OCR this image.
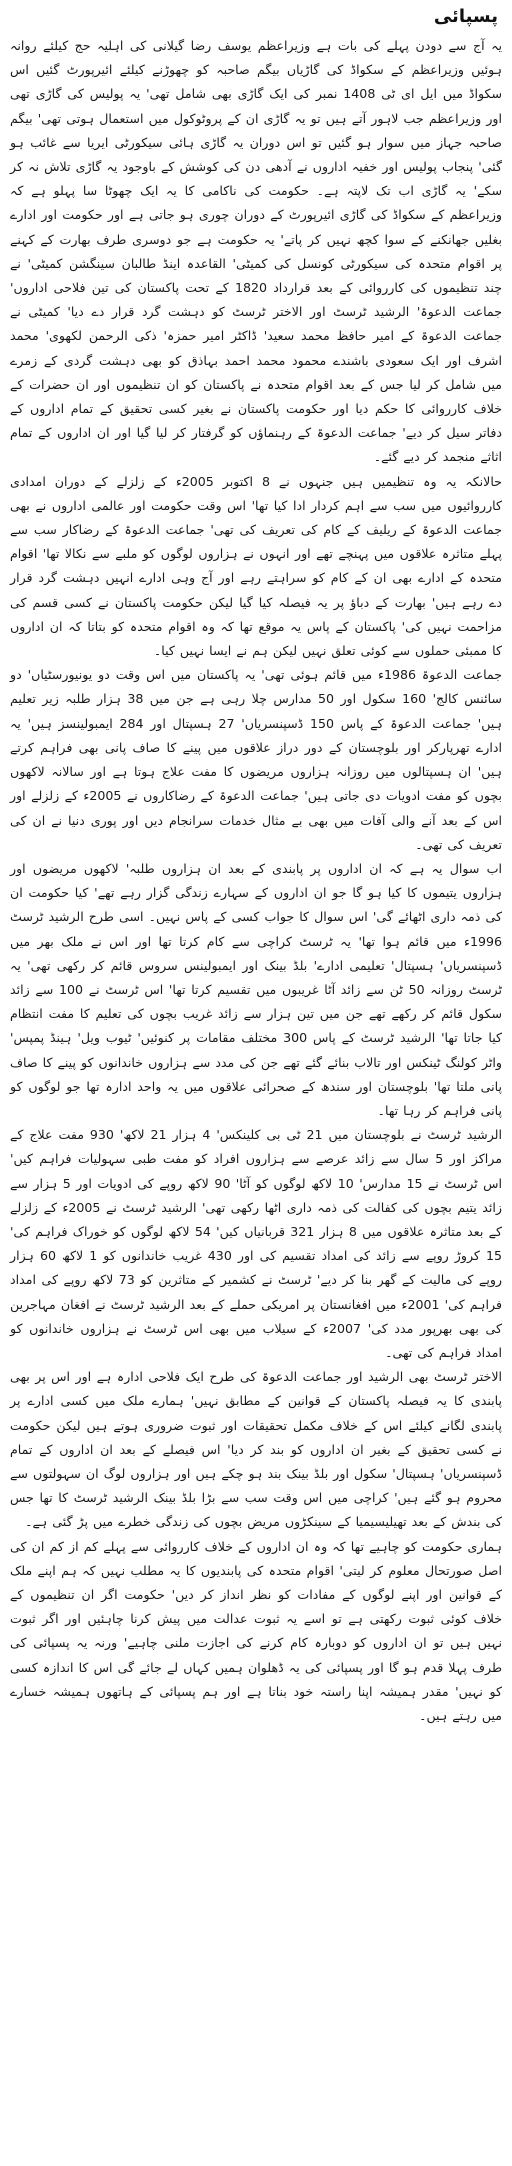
پسپائی

یہ آج سے دودن پہلے کی بات ہے وزیراعظم یوسف رضا گیلانی کی اہلیہ حج کیلئے روانہ ہوئیں وزیراعظم کے سکواڈ کی گاڑیاں بیگم صاحبہ کو چھوڑنے کیلئے ائیرپورٹ گئیں اس سکواڈ میں ایل ای ٹی 1408 نمبر کی ایک گاڑی بھی شامل تھی' یہ پولیس کی گاڑی تھی اور وزیراعظم جب لاہور آتے ہیں تو یہ گاڑی ان کے پروٹوکول میں استعمال ہوتی تھی' بیگم صاحبہ جہاز میں سوار ہو گئیں تو اس دوران یہ گاڑی ہائی سیکورٹی ایریا سے غائب ہو گئی' پنجاب پولیس اور خفیہ اداروں نے آدھی دن کی کوشش کے باوجود یہ گاڑی تلاش نہ کر سکے' یہ گاڑی اب تک لاپتہ ہے۔ حکومت کی ناکامی کا یہ ایک چھوٹا سا پہلو ہے کہ وزیراعظم کے سکواڈ کی گاڑی ائیرپورٹ کے دوران چوری ہو جاتی ہے اور حکومت اور ادارے بغلیں جھانکنے کے سوا کچھ نہیں کر پاتے' یہ حکومت ہے جو دوسری طرف بھارت کے کہنے پر اقوام متحدہ کی سیکورٹی کونسل کی کمیٹی' القاعدہ اینڈ طالبان سینگشن کمیٹی' نے چند تنظیموں کی کارروائی کے بعد قرارداد 1820 کے تحت پاکستان کی تین فلاحی اداروں' جماعت الدعوۃ' الرشید ٹرسٹ اور الاختر ٹرسٹ کو دہشت گرد قرار دے دیا' کمیٹی نے جماعت الدعوۃ کے امیر حافظ محمد سعید' ڈاکٹر امیر حمزہ' ذکی الرحمن لکھوی' محمد اشرف اور ایک سعودی باشندے محمود محمد احمد بہاذق کو بھی دہشت گردی کے زمرے میں شامل کر لیا جس کے بعد اقوام متحدہ نے پاکستان کو ان تنظیموں اور ان حضرات کے خلاف کارروائی کا حکم دیا اور حکومت پاکستان نے بغیر کسی تحقیق کے تمام اداروں کے دفاتر سیل کر دیے' جماعت الدعوۃ کے رہنماؤں کو گرفتار کر لیا گیا اور ان اداروں کے تمام اثاثے منجمد کر دیے گئے۔

حالانکہ یہ وہ تنظیمیں ہیں جنہوں نے 8 اکتوبر 2005ء کے زلزلے کے دوران امدادی کارروائیوں میں سب سے اہم کردار ادا کیا تھا' اس وقت حکومت اور عالمی اداروں نے بھی جماعت الدعوۃ کے ریلیف کے کام کی تعریف کی تھی' جماعت الدعوۃ کے رضاکار سب سے پہلے متاثرہ علاقوں میں پہنچے تھے اور انہوں نے ہزاروں لوگوں کو ملبے سے نکالا تھا' اقوام متحدہ کے ادارے بھی ان کے کام کو سراہتے رہے اور آج وہی ادارے انہیں دہشت گرد قرار دے رہے ہیں' بھارت کے دباؤ پر یہ فیصلہ کیا گیا لیکن حکومت پاکستان نے کسی قسم کی مزاحمت نہیں کی' پاکستان کے پاس یہ موقع تھا کہ وہ اقوام متحدہ کو بتاتا کہ ان اداروں کا ممبئی حملوں سے کوئی تعلق نہیں لیکن ہم نے ایسا نہیں کیا۔

جماعت الدعوۃ 1986ء میں قائم ہوئی تھی' یہ پاکستان میں اس وقت دو یونیورسٹیاں' دو سائنس کالج' 160 سکول اور 50 مدارس چلا رہی ہے جن میں 38 ہزار طلبہ زیر تعلیم ہیں' جماعت الدعوۃ کے پاس 150 ڈسپنسریاں' 27 ہسپتال اور 284 ایمبولینسز ہیں' یہ ادارے تھرپارکر اور بلوچستان کے دور دراز علاقوں میں پینے کا صاف پانی بھی فراہم کرتے ہیں' ان ہسپتالوں میں روزانہ ہزاروں مریضوں کا مفت علاج ہوتا ہے اور سالانہ لاکھوں بچوں کو مفت ادویات دی جاتی ہیں' جماعت الدعوۃ کے رضاکاروں نے 2005ء کے زلزلے اور اس کے بعد آنے والی آفات میں بھی بے مثال خدمات سرانجام دیں اور پوری دنیا نے ان کی تعریف کی تھی۔

اب سوال یہ ہے کہ ان اداروں پر پابندی کے بعد ان ہزاروں طلبہ' لاکھوں مریضوں اور ہزاروں یتیموں کا کیا ہو گا جو ان اداروں کے سہارے زندگی گزار رہے تھے' کیا حکومت ان کی ذمہ داری اٹھائے گی' اس سوال کا جواب کسی کے پاس نہیں۔ اسی طرح الرشید ٹرسٹ 1996ء میں قائم ہوا تھا' یہ ٹرسٹ کراچی سے کام کرتا تھا اور اس نے ملک بھر میں ڈسپنسریاں' ہسپتال' تعلیمی ادارے' بلڈ بینک اور ایمبولینس سروس قائم کر رکھی تھی' یہ ٹرسٹ روزانہ 50 ٹن سے زائد آٹا غریبوں میں تقسیم کرتا تھا' اس ٹرسٹ نے 100 سے زائد سکول قائم کر رکھے تھے جن میں تین ہزار سے زائد غریب بچوں کی تعلیم کا مفت انتظام کیا جاتا تھا' الرشید ٹرسٹ کے پاس 300 مختلف مقامات پر کنوئیں' ٹیوب ویل' ہینڈ پمپس' واٹر کولنگ ٹینکس اور تالاب بنائے گئے تھے جن کی مدد سے ہزاروں خاندانوں کو پینے کا صاف پانی ملتا تھا' بلوچستان اور سندھ کے صحرائی علاقوں میں یہ واحد ادارہ تھا جو لوگوں کو پانی فراہم کر رہا تھا۔

الرشید ٹرسٹ نے بلوچستان میں 21 ٹی بی کلینکس' 4 ہزار 21 لاکھ' 930 مفت علاج کے مراکز اور 5 سال سے زائد عرصے سے ہزاروں افراد کو مفت طبی سہولیات فراہم کیں' اس ٹرسٹ نے 15 مدارس' 10 لاکھ لوگوں کو آٹا' 90 لاکھ روپے کی ادویات اور 5 ہزار سے زائد یتیم بچوں کی کفالت کی ذمہ داری اٹھا رکھی تھی' الرشید ٹرسٹ نے 2005ء کے زلزلے کے بعد متاثرہ علاقوں میں 8 ہزار 321 قربانیاں کیں' 54 لاکھ لوگوں کو خوراک فراہم کی' 15 کروڑ روپے سے زائد کی امداد تقسیم کی اور 430 غریب خاندانوں کو 1 لاکھ 60 ہزار روپے کی مالیت کے گھر بنا کر دیے' ٹرسٹ نے کشمیر کے متاثرین کو 73 لاکھ روپے کی امداد فراہم کی' 2001ء میں افغانستان پر امریکی حملے کے بعد الرشید ٹرسٹ نے افغان مہاجرین کی بھی بھرپور مدد کی' 2007ء کے سیلاب میں بھی اس ٹرسٹ نے ہزاروں خاندانوں کو امداد فراہم کی تھی۔

الاختر ٹرسٹ بھی الرشید اور جماعت الدعوۃ کی طرح ایک فلاحی ادارہ ہے اور اس پر بھی پابندی کا یہ فیصلہ پاکستان کے قوانین کے مطابق نہیں' ہمارے ملک میں کسی ادارے پر پابندی لگانے کیلئے اس کے خلاف مکمل تحقیقات اور ثبوت ضروری ہوتے ہیں لیکن حکومت نے کسی تحقیق کے بغیر ان اداروں کو بند کر دیا' اس فیصلے کے بعد ان اداروں کے تمام ڈسپنسریاں' ہسپتال' سکول اور بلڈ بینک بند ہو چکے ہیں اور ہزاروں لوگ ان سہولتوں سے محروم ہو گئے ہیں' کراچی میں اس وقت سب سے بڑا بلڈ بینک الرشید ٹرسٹ کا تھا جس کی بندش کے بعد تھیلیسیمیا کے سینکڑوں مریض بچوں کی زندگی خطرے میں پڑ گئی ہے۔

ہماری حکومت کو چاہیے تھا کہ وہ ان اداروں کے خلاف کارروائی سے پہلے کم از کم ان کی اصل صورتحال معلوم کر لیتی' اقوام متحدہ کی پابندیوں کا یہ مطلب نہیں کہ ہم اپنے ملک کے قوانین اور اپنے لوگوں کے مفادات کو نظر انداز کر دیں' حکومت اگر ان تنظیموں کے خلاف کوئی ثبوت رکھتی ہے تو اسے یہ ثبوت عدالت میں پیش کرنا چاہئیں اور اگر ثبوت نہیں ہیں تو ان اداروں کو دوبارہ کام کرنے کی اجازت ملنی چاہیے' ورنہ یہ پسپائی کی طرف پہلا قدم ہو گا اور پسپائی کی یہ ڈھلوان ہمیں کہاں لے جائے گی اس کا اندازہ کسی کو نہیں' مقدر ہمیشہ اپنا راستہ خود بناتا ہے اور ہم پسپائی کے ہاتھوں ہمیشہ خسارے میں رہتے ہیں۔
